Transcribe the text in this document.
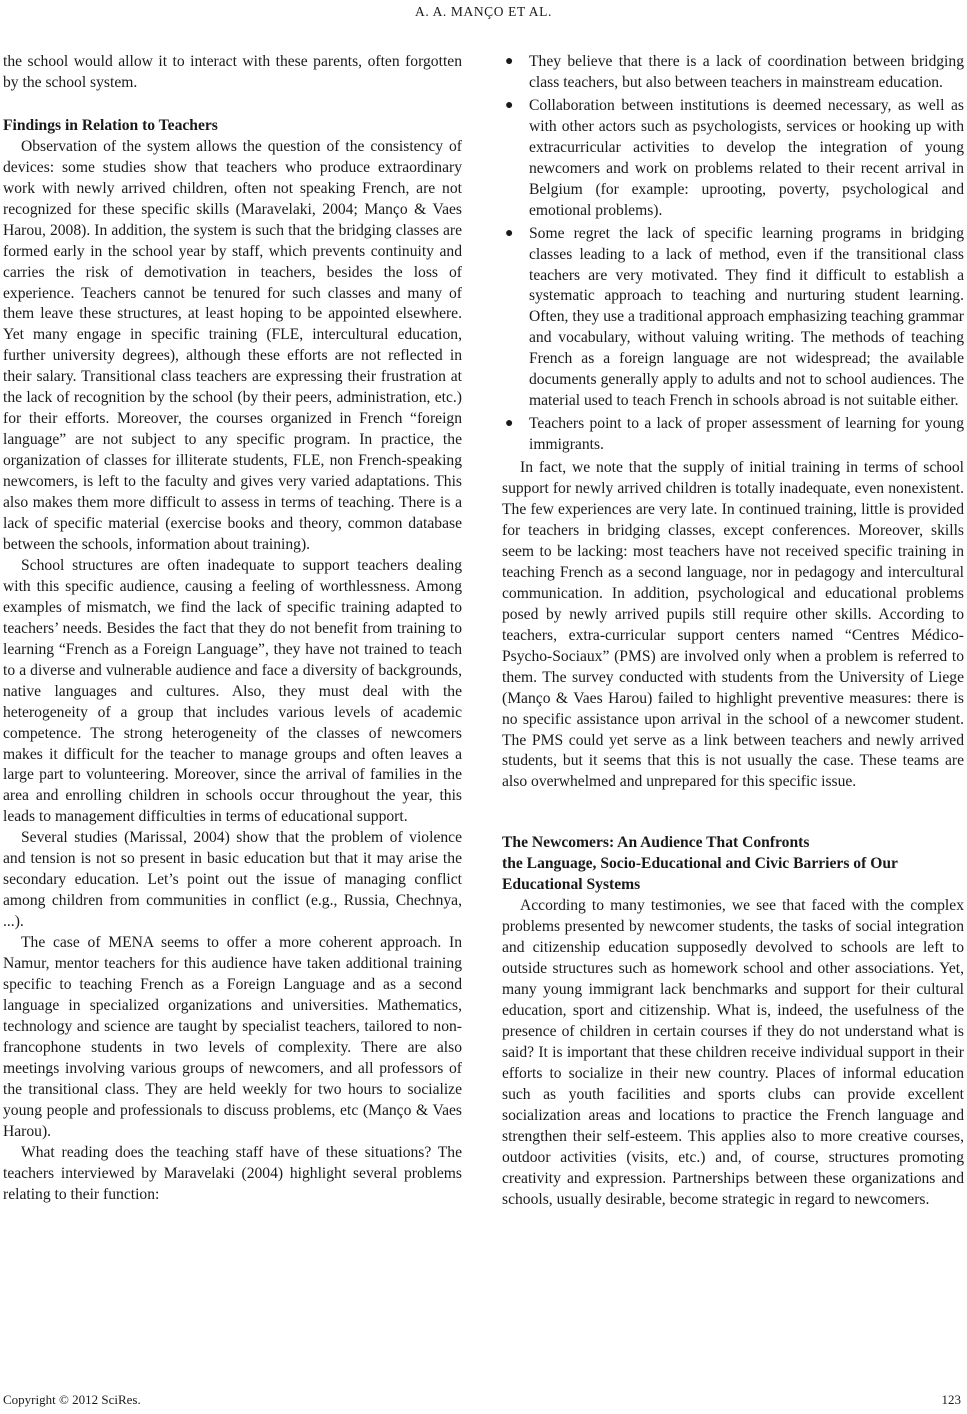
A. A. MANÇO ET AL.

the school would allow it to interact with these parents, often forgotten by the school system.

Findings in Relation to Teachers

Observation of the system allows the question of the consistency of devices: some studies show that teachers who produce extraordinary work with newly arrived children, often not speaking French, are not recognized for these specific skills (Maravelaki, 2004; Manço & Vaes Harou, 2008). In addition, the system is such that the bridging classes are formed early in the school year by staff, which prevents continuity and carries the risk of demotivation in teachers, besides the loss of experience. Teachers cannot be tenured for such classes and many of them leave these structures, at least hoping to be appointed elsewhere. Yet many engage in specific training (FLE, intercultural education, further university degrees), although these efforts are not reflected in their salary. Transitional class teachers are expressing their frustration at the lack of recognition by the school (by their peers, administration, etc.) for their efforts. Moreover, the courses organized in French “foreign language” are not subject to any specific program. In practice, the organization of classes for illiterate students, FLE, non French-speaking newcomers, is left to the faculty and gives very varied adaptations. This also makes them more difficult to assess in terms of teaching. There is a lack of specific material (exercise books and theory, common database between the schools, information about training).

School structures are often inadequate to support teachers dealing with this specific audience, causing a feeling of worthlessness. Among examples of mismatch, we find the lack of specific training adapted to teachers’ needs. Besides the fact that they do not benefit from training to learning “French as a Foreign Language”, they have not trained to teach to a diverse and vulnerable audience and face a diversity of backgrounds, native languages and cultures. Also, they must deal with the heterogeneity of a group that includes various levels of academic competence. The strong heterogeneity of the classes of newcomers makes it difficult for the teacher to manage groups and often leaves a large part to volunteering. Moreover, since the arrival of families in the area and enrolling children in schools occur throughout the year, this leads to management difficulties in terms of educational support.

Several studies (Marissal, 2004) show that the problem of violence and tension is not so present in basic education but that it may arise the secondary education. Let’s point out the issue of managing conflict among children from communities in conflict (e.g., Russia, Chechnya, ...).

The case of MENA seems to offer a more coherent approach. In Namur, mentor teachers for this audience have taken additional training specific to teaching French as a Foreign Language and as a second language in specialized organizations and universities. Mathematics, technology and science are taught by specialist teachers, tailored to non-francophone students in two levels of complexity. There are also meetings involving various groups of newcomers, and all professors of the transitional class. They are held weekly for two hours to socialize young people and professionals to discuss problems, etc (Manço & Vaes Harou).

What reading does the teaching staff have of these situations? The teachers interviewed by Maravelaki (2004) highlight several problems relating to their function:

● They believe that there is a lack of coordination between bridging class teachers, but also between teachers in mainstream education.
● Collaboration between institutions is deemed necessary, as well as with other actors such as psychologists, services or hooking up with extracurricular activities to develop the integration of young newcomers and work on problems related to their recent arrival in Belgium (for example: uprooting, poverty, psychological and emotional problems).
● Some regret the lack of specific learning programs in bridging classes leading to a lack of method, even if the transitional class teachers are very motivated. They find it difficult to establish a systematic approach to teaching and nurturing student learning. Often, they use a traditional approach emphasizing teaching grammar and vocabulary, without valuing writing. The methods of teaching French as a foreign language are not widespread; the available documents generally apply to adults and not to school audiences. The material used to teach French in schools abroad is not suitable either.
● Teachers point to a lack of proper assessment of learning for young immigrants.

In fact, we note that the supply of initial training in terms of school support for newly arrived children is totally inadequate, even nonexistent. The few experiences are very late. In continued training, little is provided for teachers in bridging classes, except conferences. Moreover, skills seem to be lacking: most teachers have not received specific training in teaching French as a second language, nor in pedagogy and intercultural communication. In addition, psychological and educational problems posed by newly arrived pupils still require other skills. According to teachers, extra-curricular support centers named “Centres Médico-Psycho-Sociaux” (PMS) are involved only when a problem is referred to them. The survey conducted with students from the University of Liege (Manço & Vaes Harou) failed to highlight preventive measures: there is no specific assistance upon arrival in the school of a newcomer student. The PMS could yet serve as a link between teachers and newly arrived students, but it seems that this is not usually the case. These teams are also overwhelmed and unprepared for this specific issue.

The Newcomers: An Audience That Confronts
the Language, Socio-Educational and Civic Barriers of Our Educational Systems

According to many testimonies, we see that faced with the complex problems presented by newcomer students, the tasks of social integration and citizenship education supposedly devolved to schools are left to outside structures such as homework school and other associations. Yet, many young immigrant lack benchmarks and support for their cultural education, sport and citizenship. What is, indeed, the usefulness of the presence of children in certain courses if they do not understand what is said? It is important that these children receive individual support in their efforts to socialize in their new country. Places of informal education such as youth facilities and sports clubs can provide excellent socialization areas and locations to practice the French language and strengthen their self-esteem. This applies also to more creative courses, outdoor activities (visits, etc.) and, of course, structures promoting creativity and expression. Partnerships between these organizations and schools, usually desirable, become strategic in regard to newcomers.

Copyright © 2012 SciRes.	123
